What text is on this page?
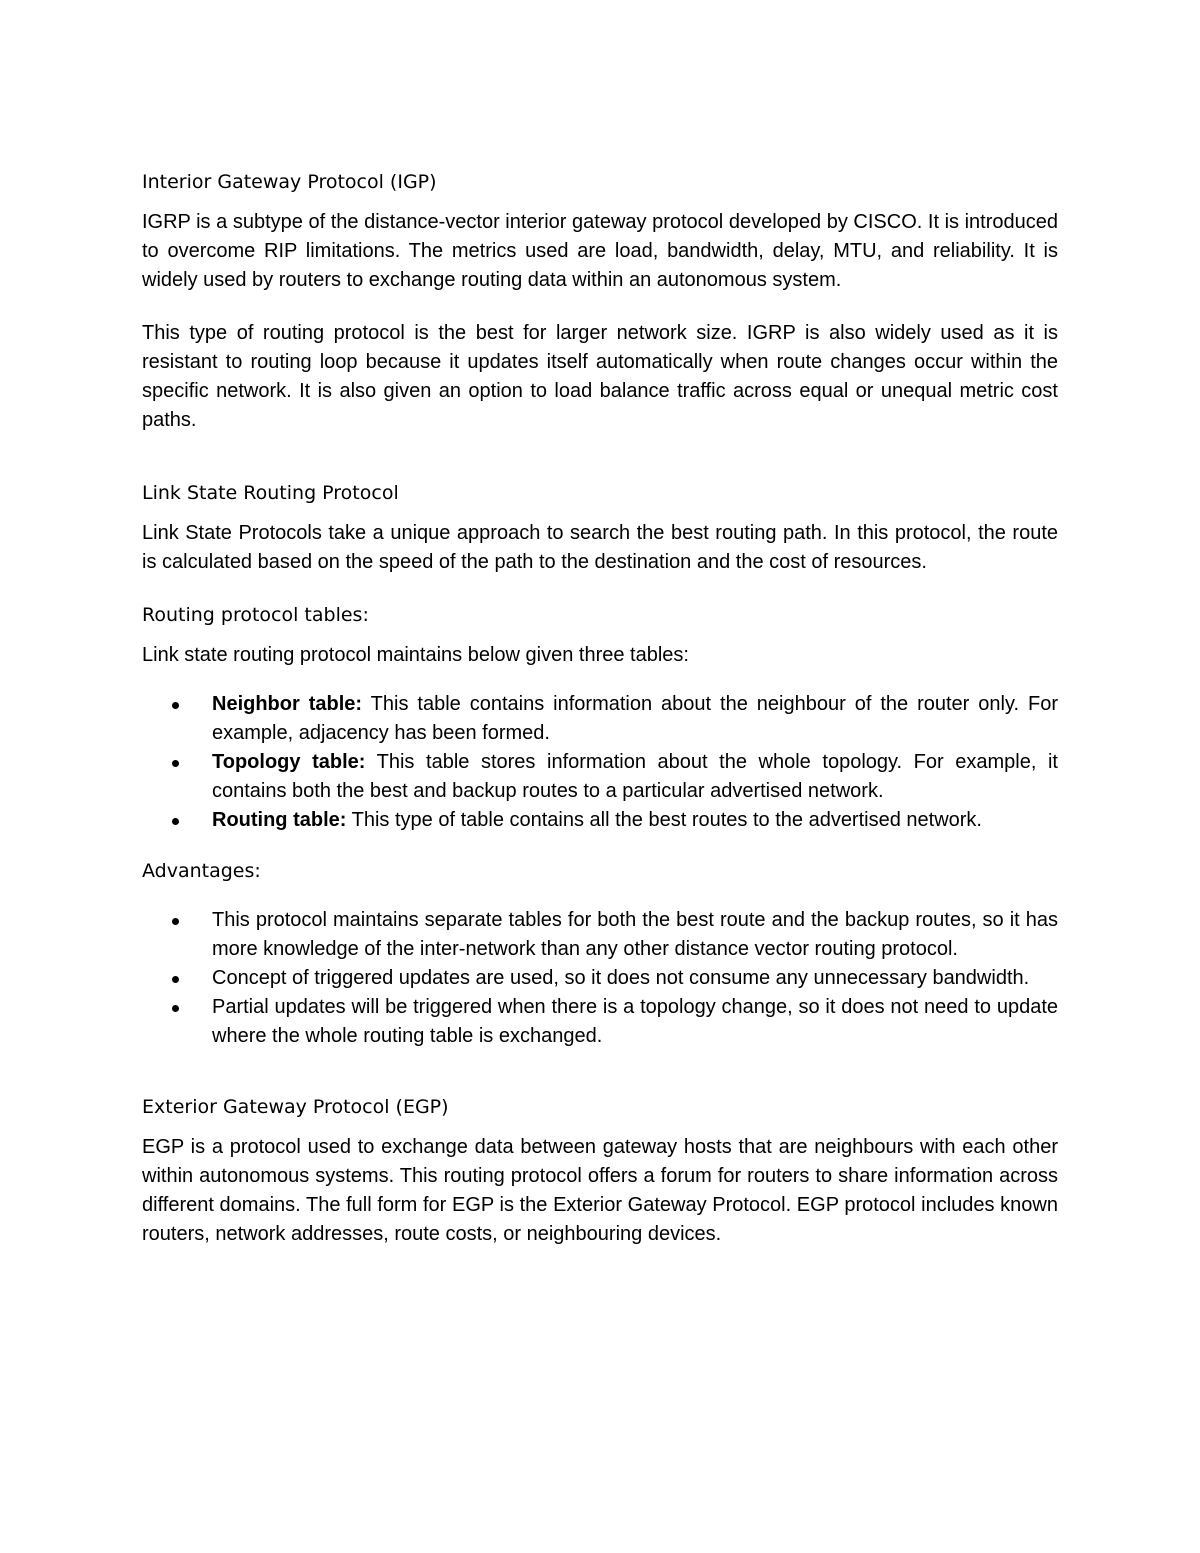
Interior Gateway Protocol (IGP)

IGRP is a subtype of the distance-vector interior gateway protocol developed by CISCO. It is introduced to overcome RIP limitations. The metrics used are load, bandwidth, delay, MTU, and reliability. It is widely used by routers to exchange routing data within an autonomous system.

This type of routing protocol is the best for larger network size. IGRP is also widely used as it is resistant to routing loop because it updates itself automatically when route changes occur within the specific network. It is also given an option to load balance traffic across equal or unequal metric cost paths.

Link State Routing Protocol

Link State Protocols take a unique approach to search the best routing path. In this protocol, the route is calculated based on the speed of the path to the destination and the cost of resources.

Routing protocol tables:

Link state routing protocol maintains below given three tables:

Neighbor table: This table contains information about the neighbour of the router only. For example, adjacency has been formed.
Topology table: This table stores information about the whole topology. For example, it contains both the best and backup routes to a particular advertised network.
Routing table: This type of table contains all the best routes to the advertised network.
Advantages:
This protocol maintains separate tables for both the best route and the backup routes, so it has more knowledge of the inter-network than any other distance vector routing protocol.
Concept of triggered updates are used, so it does not consume any unnecessary bandwidth.
Partial updates will be triggered when there is a topology change, so it does not need to update where the whole routing table is exchanged.
Exterior Gateway Protocol (EGP)

EGP is a protocol used to exchange data between gateway hosts that are neighbours with each other within autonomous systems. This routing protocol offers a forum for routers to share information across different domains. The full form for EGP is the Exterior Gateway Protocol. EGP protocol includes known routers, network addresses, route costs, or neighbouring devices.
